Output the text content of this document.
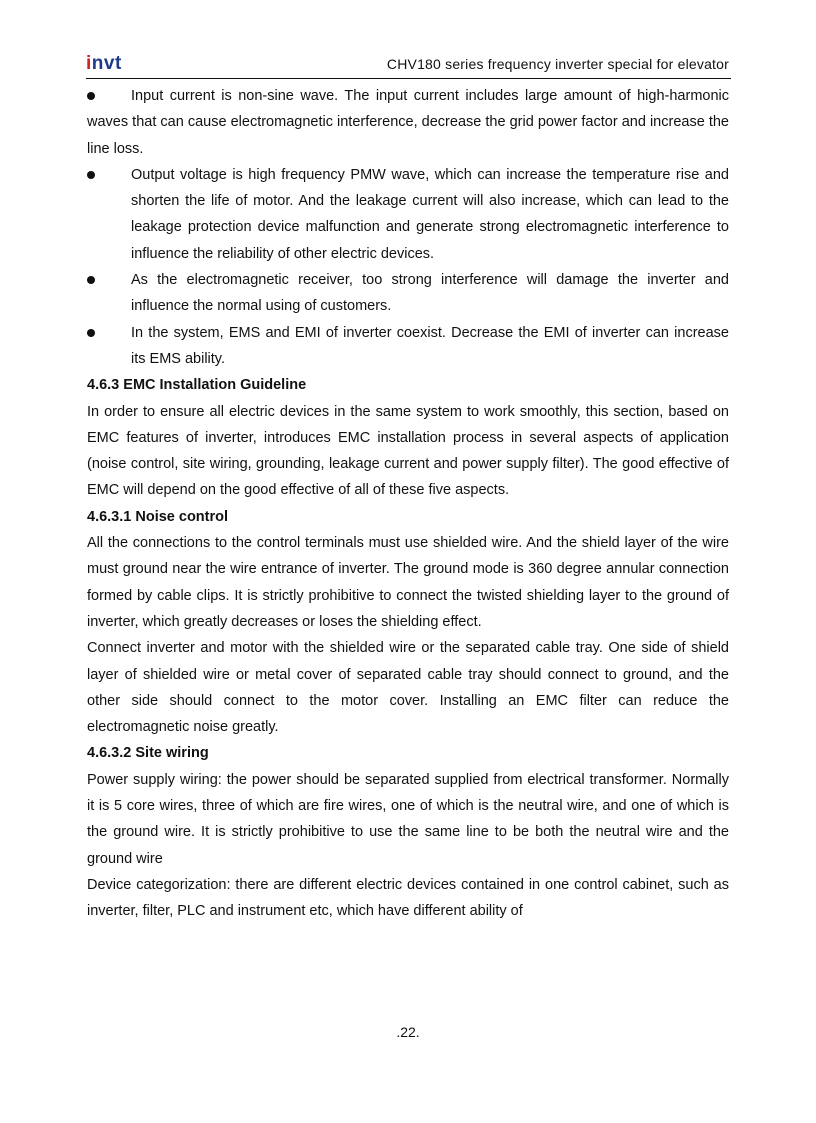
invt	CHV180 series frequency inverter special for elevator

Input current is non-sine wave. The input current includes large amount of high-harmonic waves that can cause electromagnetic interference, decrease the grid power factor and increase the line loss.

Output voltage is high frequency PMW wave, which can increase the temperature rise and shorten the life of motor. And the leakage current will also increase, which can lead to the leakage protection device malfunction and generate strong electromagnetic interference to influence the reliability of other electric devices.

As the electromagnetic receiver, too strong interference will damage the inverter and influence the normal using of customers.

In the system, EMS and EMI of inverter coexist. Decrease the EMI of inverter can increase its EMS ability.

4.6.3 EMC Installation Guideline

In order to ensure all electric devices in the same system to work smoothly, this section, based on EMC features of inverter, introduces EMC installation process in several aspects of application (noise control, site wiring, grounding, leakage current and power supply filter). The good effective of EMC will depend on the good effective of all of these five aspects.

4.6.3.1 Noise control

All the connections to the control terminals must use shielded wire. And the shield layer of the wire must ground near the wire entrance of inverter. The ground mode is 360 degree annular connection formed by cable clips. It is strictly prohibitive to connect the twisted shielding layer to the ground of inverter, which greatly decreases or loses the shielding effect.

Connect inverter and motor with the shielded wire or the separated cable tray. One side of shield layer of shielded wire or metal cover of separated cable tray should connect to ground, and the other side should connect to the motor cover. Installing an EMC filter can reduce the electromagnetic noise greatly.

4.6.3.2 Site wiring

Power supply wiring: the power should be separated supplied from electrical transformer. Normally it is 5 core wires, three of which are fire wires, one of which is the neutral wire, and one of which is the ground wire. It is strictly prohibitive to use the same line to be both the neutral wire and the ground wire

Device categorization: there are different electric devices contained in one control cabinet, such as inverter, filter, PLC and instrument etc, which have different ability of

.22.
